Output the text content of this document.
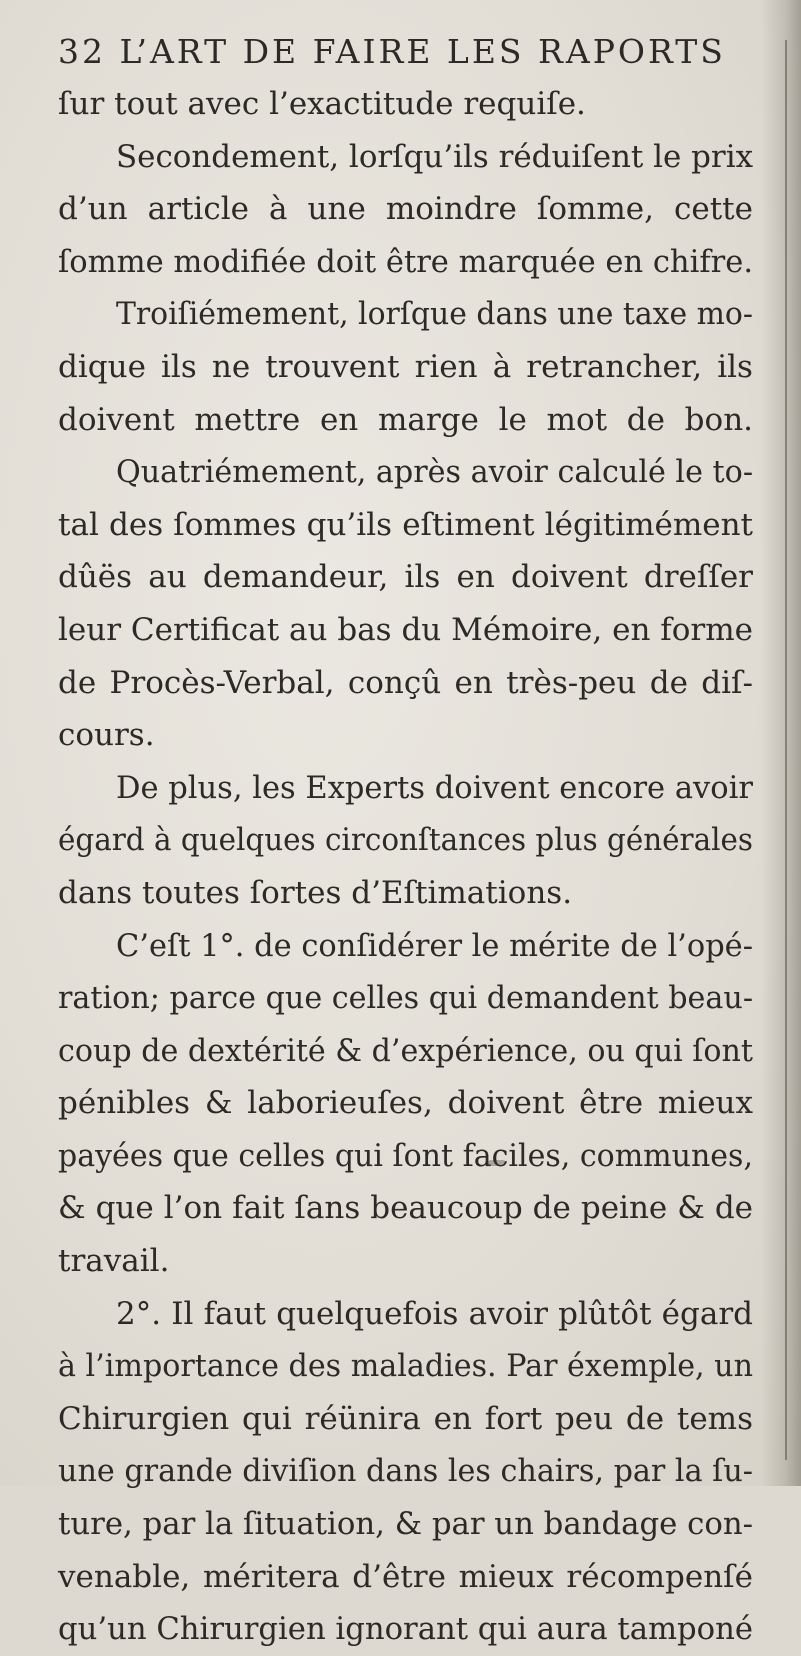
32 L’ART DE FAIRE LES RAPORTS
ſur tout avec l’exactitude requiſe.
Secondement, lorſqu’ils réduiſent le prix
d’un article à une moindre ſomme, cette
ſomme modifiée doit être marquée en chifre.
Troiſiémement, lorſque dans une taxe mo-
dique ils ne trouvent rien à retrancher, ils
doivent mettre en marge le mot de bon.
Quatriémement, après avoir calculé le to-
tal des ſommes qu’ils eſtiment légitimément
dûës au demandeur, ils en doivent dreſſer
leur Certificat au bas du Mémoire, en forme
de Procès-Verbal, conçû en très-peu de diſ-
cours.
De plus, les Experts doivent encore avoir
égard à quelques circonſtances plus générales
dans toutes ſortes d’Eſtimations.
C’eſt 1°. de conſidérer le mérite de l’opé-
ration; parce que celles qui demandent beau-
coup de dextérité & d’expérience, ou qui ſont
pénibles & laborieuſes, doivent être mieux
payées que celles qui ſont faciles, communes,
& que l’on fait ſans beaucoup de peine & de
travail.
2°. Il faut quelquefois avoir plûtôt égard
à l’importance des maladies. Par éxemple, un
Chirurgien qui réünira en fort peu de tems
une grande diviſion dans les chairs, par la ſu-
ture, par la ſituation, & par un bandage con-
venable, méritera d’être mieux récompenſé
qu’un Chirurgien ignorant qui aura tamponé
